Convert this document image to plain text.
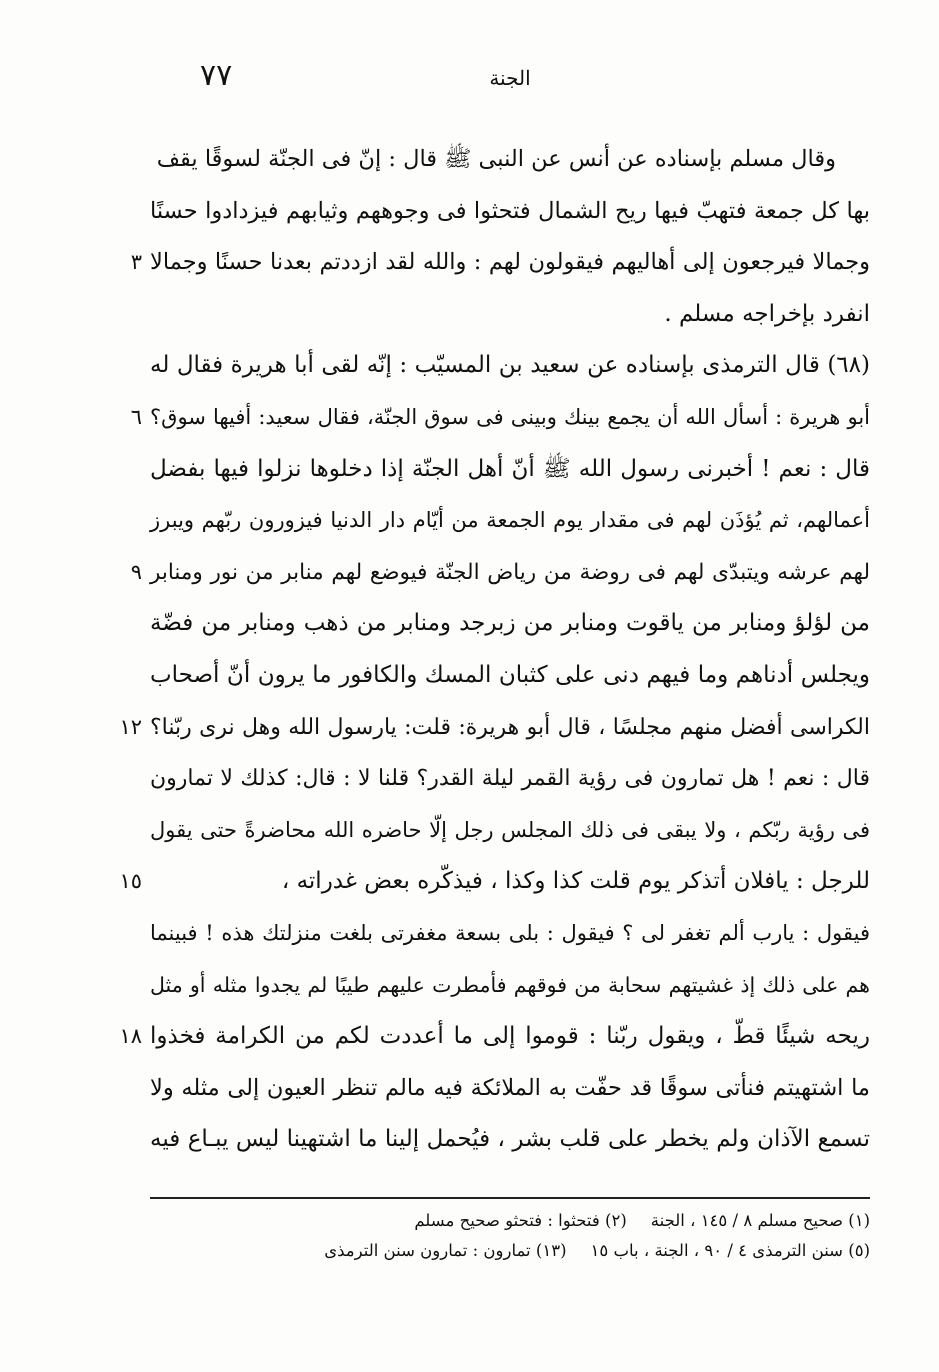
٧٧	الجنة
وقال مسلم بإسناده عن أنس عن النبى ﷺ قال : إنّ فى الجنّة لسوقًا يقف
بها كل جمعة فتهبّ فيها ريح الشمال فتحثوا فى وجوههم وثيابهم فيزدادوا حسنًا
وجمالا فيرجعون إلى أهاليهم فيقولون لهم : والله لقد ازددتم بعدنا حسنًا وجمالا
٣
انفرد بإخراجه مسلم .
(٦٨) قال الترمذى بإسناده عن سعيد بن المسيّب : إنّه لقى أبا هريرة فقال له
أبو هريرة : أسأل الله أن يجمع بينك وبينى فى سوق الجنّة، فقال سعيد: أفيها سوق؟
٦
قال : نعم ! أخبرنى رسول الله ﷺ أنّ أهل الجنّة إذا دخلوها نزلوا فيها بفضل
أعمالهم، ثم يُؤذَن لهم فى مقدار يوم الجمعة من أيّام دار الدنيا فيزورون ربّهم ويبرز
لهم عرشه ويتبدّى لهم فى روضة من رياض الجنّة فيوضع لهم منابر من نور ومنابر
٩
من لؤلؤ ومنابر من ياقوت ومنابر من زبرجد ومنابر من ذهب ومنابر من فضّة
ويجلس أدناهم وما فيهم دنى على كثبان المسك والكافور ما يرون أنّ أصحاب
الكراسى أفضل منهم مجلسًا ، قال أبو هريرة: قلت: يارسول الله وهل نرى ربّنا؟
١٢
قال : نعم ! هل تمارون فى رؤية القمر ليلة القدر؟ قلنا لا : قال: كذلك لا تمارون
فى رؤية ربّكم ، ولا يبقى فى ذلك المجلس رجل إلّا حاضره الله محاضرةً حتى يقول
للرجل : يافلان أتذكر يوم قلت كذا وكذا ، فيذكّره بعض غدراته ،
١٥
فيقول : يارب ألم تغفر لى ؟ فيقول : بلى بسعة مغفرتى بلغت منزلتك هذه ! فبينما
هم على ذلك إذ غشيتهم سحابة من فوقهم فأمطرت عليهم طيبًا لم يجدوا مثله أو مثل
ريحه شيئًا قطّ ، ويقول ربّنا : قوموا إلى ما أعددت لكم من الكرامة فخذوا
١٨
ما اشتهيتم فنأتى سوقًا قد حفّت به الملائكة فيه مالم تنظر العيون إلى مثله ولا
تسمع الآذان ولم يخطر على قلب بشر ، فيُحمل إلينا ما اشتهينا ليس يبـاع فيه
(١) صحيح مسلم ٨ / ١٤٥ ، الجنة(٢) فتحثوا : فتحثو صحيح مسلم
(٥) سنن الترمذى ٤ / ٩٠ ، الجنة ، باب ١٥(١٣) تمارون : تمارون سنن الترمذى
